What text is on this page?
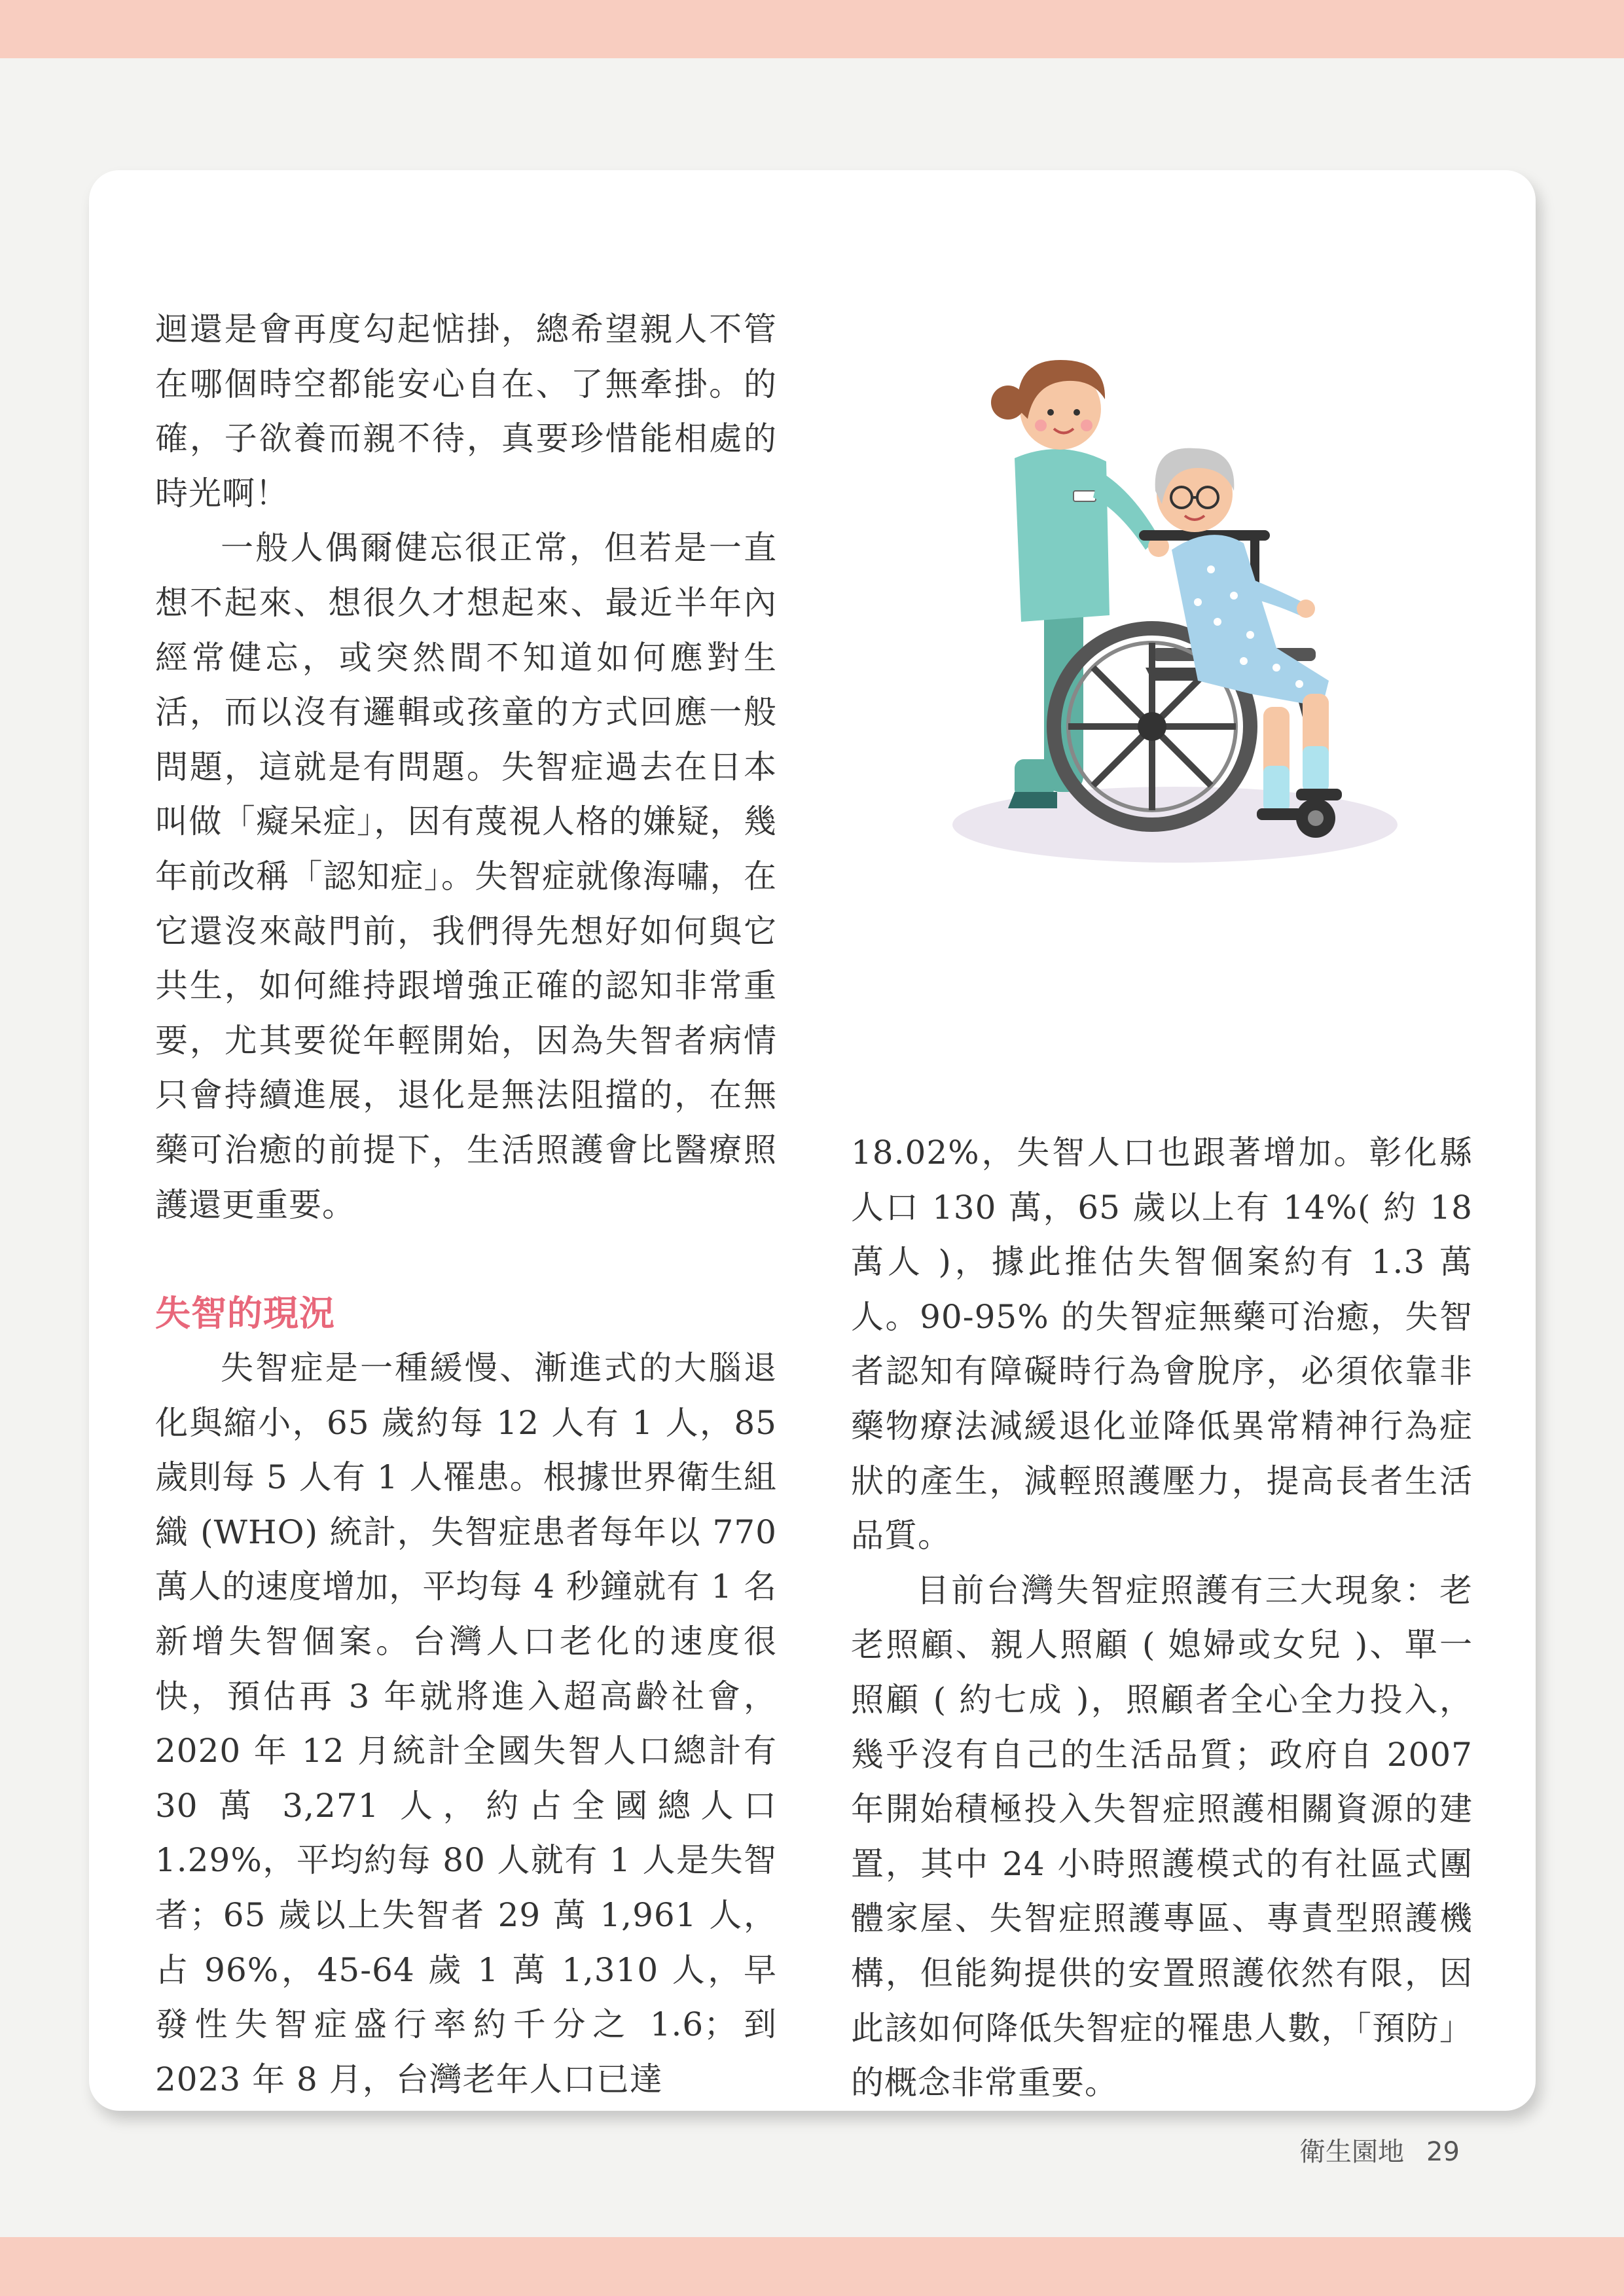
迴還是會再度勾起惦掛，總希望親人不管在哪個時空都能安心自在、了無牽掛。的確，子欲養而親不待，真要珍惜能相處的時光啊！

一般人偶爾健忘很正常，但若是一直想不起來、想很久才想起來、最近半年內經常健忘，或突然間不知道如何應對生活，而以沒有邏輯或孩童的方式回應一般問題，這就是有問題。失智症過去在日本叫做「癡呆症」，因有蔑視人格的嫌疑，幾年前改稱「認知症」。失智症就像海嘯，在它還沒來敲門前，我們得先想好如何與它共生，如何維持跟增強正確的認知非常重要，尤其要從年輕開始，因為失智者病情只會持續進展，退化是無法阻擋的，在無藥可治癒的前提下，生活照護會比醫療照護還更重要。

失智的現況

失智症是一種緩慢、漸進式的大腦退化與縮小，65 歲約每 12 人有 1 人，85 歲則每 5 人有 1 人罹患。根據世界衛生組織 (WHO) 統計，失智症患者每年以 770 萬人的速度增加，平均每 4 秒鐘就有 1 名新增失智個案。台灣人口老化的速度很快，預估再 3 年就將進入超高齡社會，2020 年 12 月統計全國失智人口總計有 30 萬 3,271 人，約占全國總人口 1.29%，平均約每 80 人就有 1 人是失智者；65 歲以上失智者 29 萬 1,961 人，占 96%，45-64 歲 1 萬 1,310 人，早發性失智症盛行率約千分之 1.6；到 2023 年 8 月，台灣老年人口已達

18.02%，失智人口也跟著增加。彰化縣人口 130 萬，65 歲以上有 14%( 約 18 萬人 )，據此推估失智個案約有 1.3 萬人。90-95% 的失智症無藥可治癒，失智者認知有障礙時行為會脫序，必須依靠非藥物療法減緩退化並降低異常精神行為症狀的產生，減輕照護壓力，提高長者生活品質。

目前台灣失智症照護有三大現象：老老照顧、親人照顧 ( 媳婦或女兒 )、單一照顧 ( 約七成 )，照顧者全心全力投入，幾乎沒有自己的生活品質；政府自 2007 年開始積極投入失智症照護相關資源的建置，其中 24 小時照護模式的有社區式團體家屋、失智症照護專區、專責型照護機構，但能夠提供的安置照護依然有限，因此該如何降低失智症的罹患人數，「預防」的概念非常重要。

衛生園地 29
